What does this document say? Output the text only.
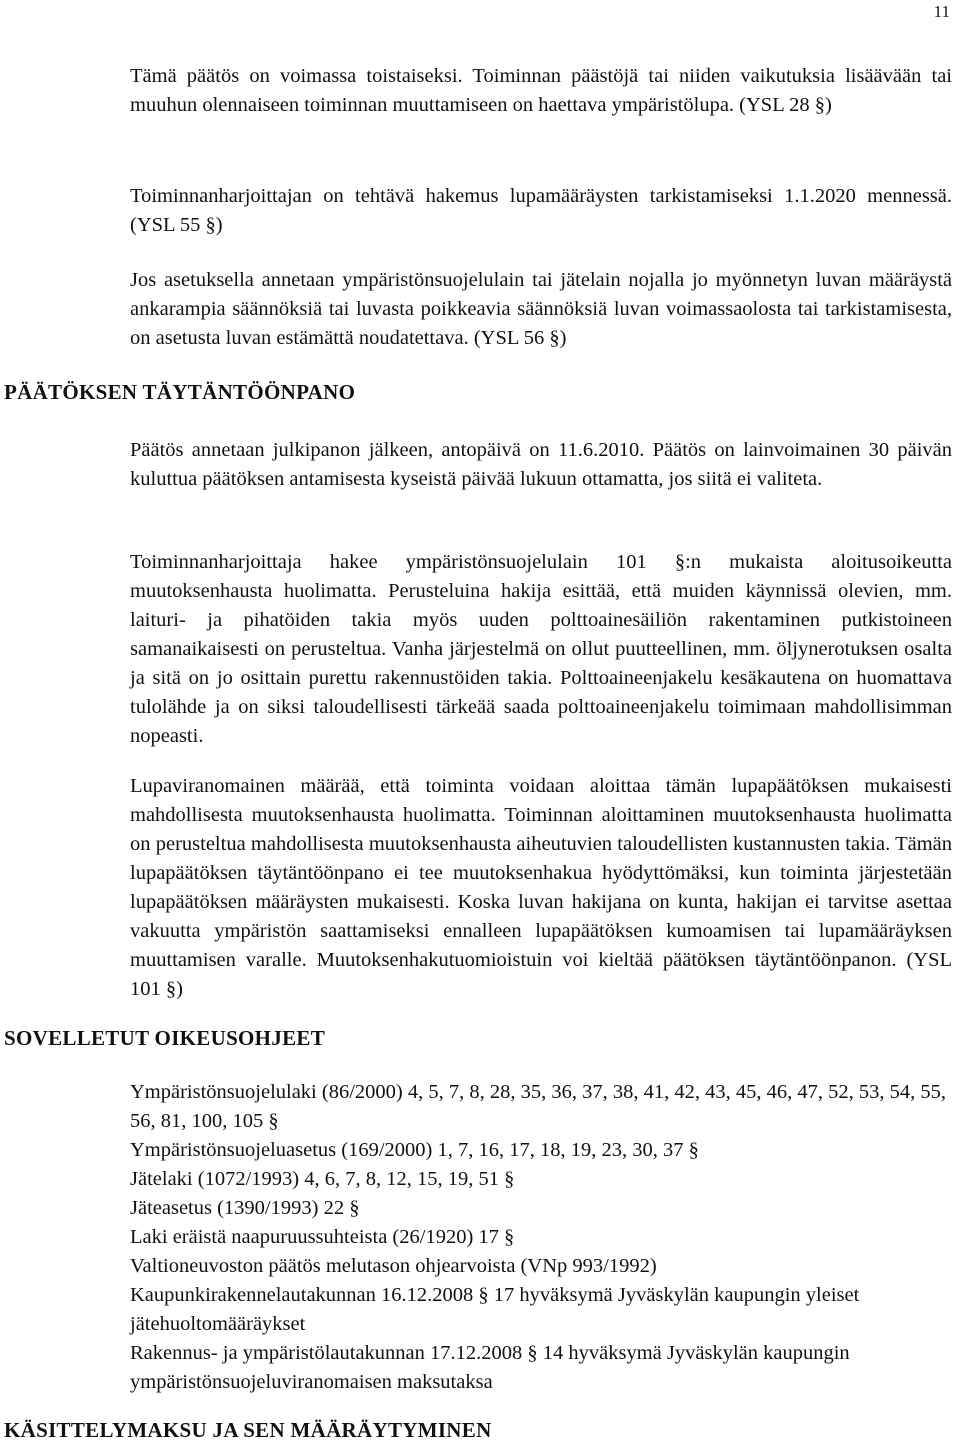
11

Tämä päätös on voimassa toistaiseksi. Toiminnan päästöjä tai niiden vaikutuksia lisäävään tai muuhun olennaiseen toiminnan muuttamiseen on haettava ympäristölupa. (YSL 28 §)

Toiminnanharjoittajan on tehtävä hakemus lupamääräysten tarkistamiseksi 1.1.2020 mennessä. (YSL 55 §)

Jos asetuksella annetaan ympäristönsuojelulain tai jätelain nojalla jo myönnetyn luvan määräystä ankarampia säännöksiä tai luvasta poikkeavia säännöksiä luvan voimassaolosta tai tarkistamisesta, on asetusta luvan estämättä noudatettava. (YSL 56 §)

PÄÄTÖKSEN TÄYTÄNTÖÖNPANO

Päätös annetaan julkipanon jälkeen, antopäivä on 11.6.2010. Päätös on lainvoimainen 30 päivän kuluttua päätöksen antamisesta kyseistä päivää lukuun ottamatta, jos siitä ei valiteta.

Toiminnanharjoittaja hakee ympäristönsuojelulain 101 §:n mukaista aloitusoikeutta muutoksenhausta huolimatta. Perusteluina hakija esittää, että muiden käynnissä olevien, mm. laituri- ja pihatöiden takia myös uuden polttoainesäiliön rakentaminen putkistoineen samanaikaisesti on perusteltua. Vanha järjestelmä on ollut puutteellinen, mm. öljynerotuksen osalta ja sitä on jo osittain purettu rakennustöiden takia. Polttoaineenjakelu kesäkautena on huomattava tulolähde ja on siksi taloudellisesti tärkeää saada polttoaineenjakelu toimimaan mahdollisimman nopeasti.

Lupaviranomainen määrää, että toiminta voidaan aloittaa tämän lupapäätöksen mukaisesti mahdollisesta muutoksenhausta huolimatta. Toiminnan aloittaminen muutoksenhausta huolimatta on perusteltua mahdollisesta muutoksenhausta aiheutuvien taloudellisten kustannusten takia. Tämän lupapäätöksen täytäntöönpano ei tee muutoksenhakua hyödyttömäksi, kun toiminta järjestetään lupapäätöksen määräysten mukaisesti. Koska luvan hakijana on kunta, hakijan ei tarvitse asettaa vakuutta ympäristön saattamiseksi ennalleen lupapäätöksen kumoamisen tai lupamääräyksen muuttamisen varalle. Muutoksenhakutuomioistuin voi kieltää päätöksen täytäntöönpanon. (YSL 101 §)

SOVELLETUT OIKEUSOHJEET

Ympäristönsuojelulaki (86/2000) 4, 5, 7, 8, 28, 35, 36, 37, 38, 41, 42, 43, 45, 46, 47, 52, 53, 54, 55, 56, 81, 100, 105 §

Ympäristönsuojeluasetus (169/2000) 1, 7, 16, 17, 18, 19, 23, 30, 37 §

Jätelaki (1072/1993) 4, 6, 7, 8, 12, 15, 19, 51 §

Jäteasetus (1390/1993) 22 §

Laki eräistä naapuruussuhteista (26/1920) 17 §

Valtioneuvoston päätös melutason ohjearvoista (VNp 993/1992)

Kaupunkirakennelautakunnan 16.12.2008 § 17 hyväksymä Jyväskylän kaupungin yleiset jätehuoltomääräykset

Rakennus- ja ympäristölautakunnan 17.12.2008 § 14 hyväksymä Jyväskylän kaupungin ympäristönsuojeluviranomaisen maksutaksa

KÄSITTELYMAKSU JA SEN MÄÄRÄYTYMINEN
